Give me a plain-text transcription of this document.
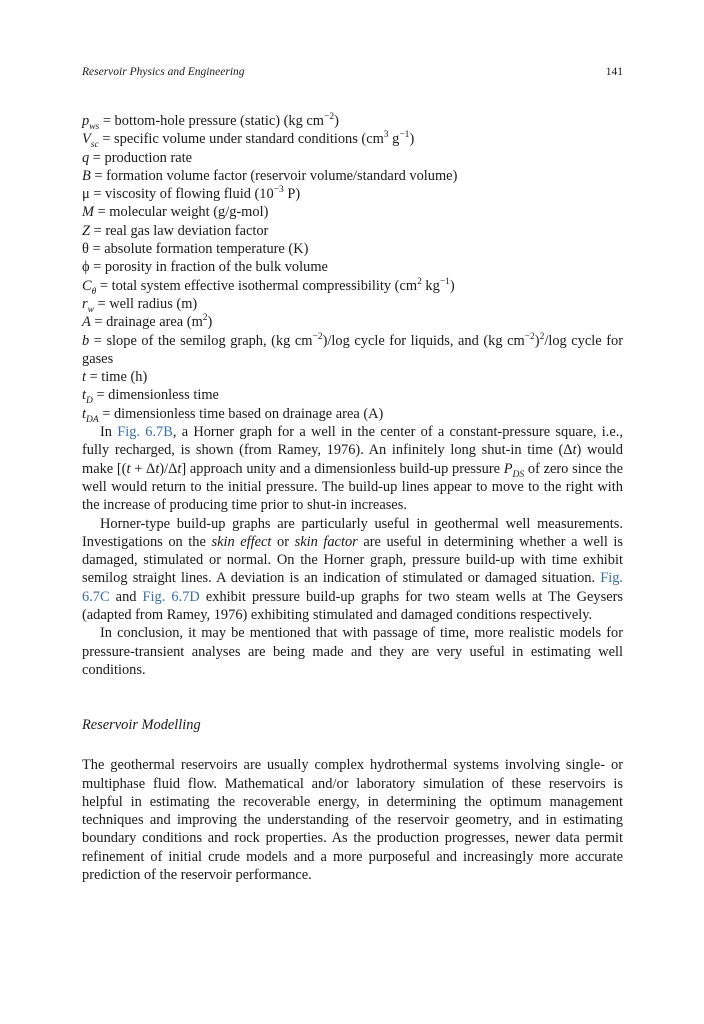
Reservoir Physics and Engineering	141

$p_{ws}$ = bottom-hole pressure (static) (kg $cm^{-2}$)

$V_{sc}$ = specific volume under standard conditions ($cm^3$ $g^{-1}$)

q = production rate

B = formation volume factor (reservoir volume/standard volume)

μ = viscosity of flowing fluid ($10^{-3}$ P)

M = molecular weight (g/g-mol)

Z = real gas law deviation factor

θ = absolute formation temperature (K)

ϕ = porosity in fraction of the bulk volume

$C_\theta$ = total system effective isothermal compressibility ($cm^2$ $kg^{-1}$)

$r_w$ = well radius (m)

A = drainage area $(m^2)$

b = slope of the semilog graph, (kg $cm^{-2})/\log$ cycle for liquids, and (kg $cm^{-2})^2/\log$ cycle for gases

t = time (h)

$t_D$ = dimensionless time

$t_{DA}$ = dimensionless time based on drainage area (A)

In Fig. 6.7B, a Horner graph for a well in the center of a constant-pressure square, i.e., fully recharged, is shown (from Ramey, 1976). An infinitely long shut-in time (Δt) would make [(t + Δt)/Δt] approach unity and a dimensionless build-up pressure $P_{DS}$ of zero since the well would return to the initial pressure. The build-up lines appear to move to the right with the increase of producing time prior to shut-in increases.

Horner-type build-up graphs are particularly useful in geothermal well measurements. Investigations on the skin effect or skin factor are useful in determining whether a well is damaged, stimulated or normal. On the Horner graph, pressure build-up with time exhibit semilog straight lines. A deviation is an indication of stimulated or damaged situation. Fig. 6.7C and Fig. 6.7D exhibit pressure build-up graphs for two steam wells at The Geysers (adapted from Ramey, 1976) exhibiting stimulated and damaged conditions respectively.

In conclusion, it may be mentioned that with passage of time, more realistic models for pressure-transient analyses are being made and they are very useful in estimating well conditions.

Reservoir Modelling

The geothermal reservoirs are usually complex hydrothermal systems involving single- or multiphase fluid flow. Mathematical and/or laboratory simulation of these reservoirs is helpful in estimating the recoverable energy, in determining the optimum management techniques and improving the understanding of the reservoir geometry, and in estimating boundary conditions and rock properties. As the production progresses, newer data permit refinement of initial crude models and a more purposeful and increasingly more accurate prediction of the reservoir performance.
